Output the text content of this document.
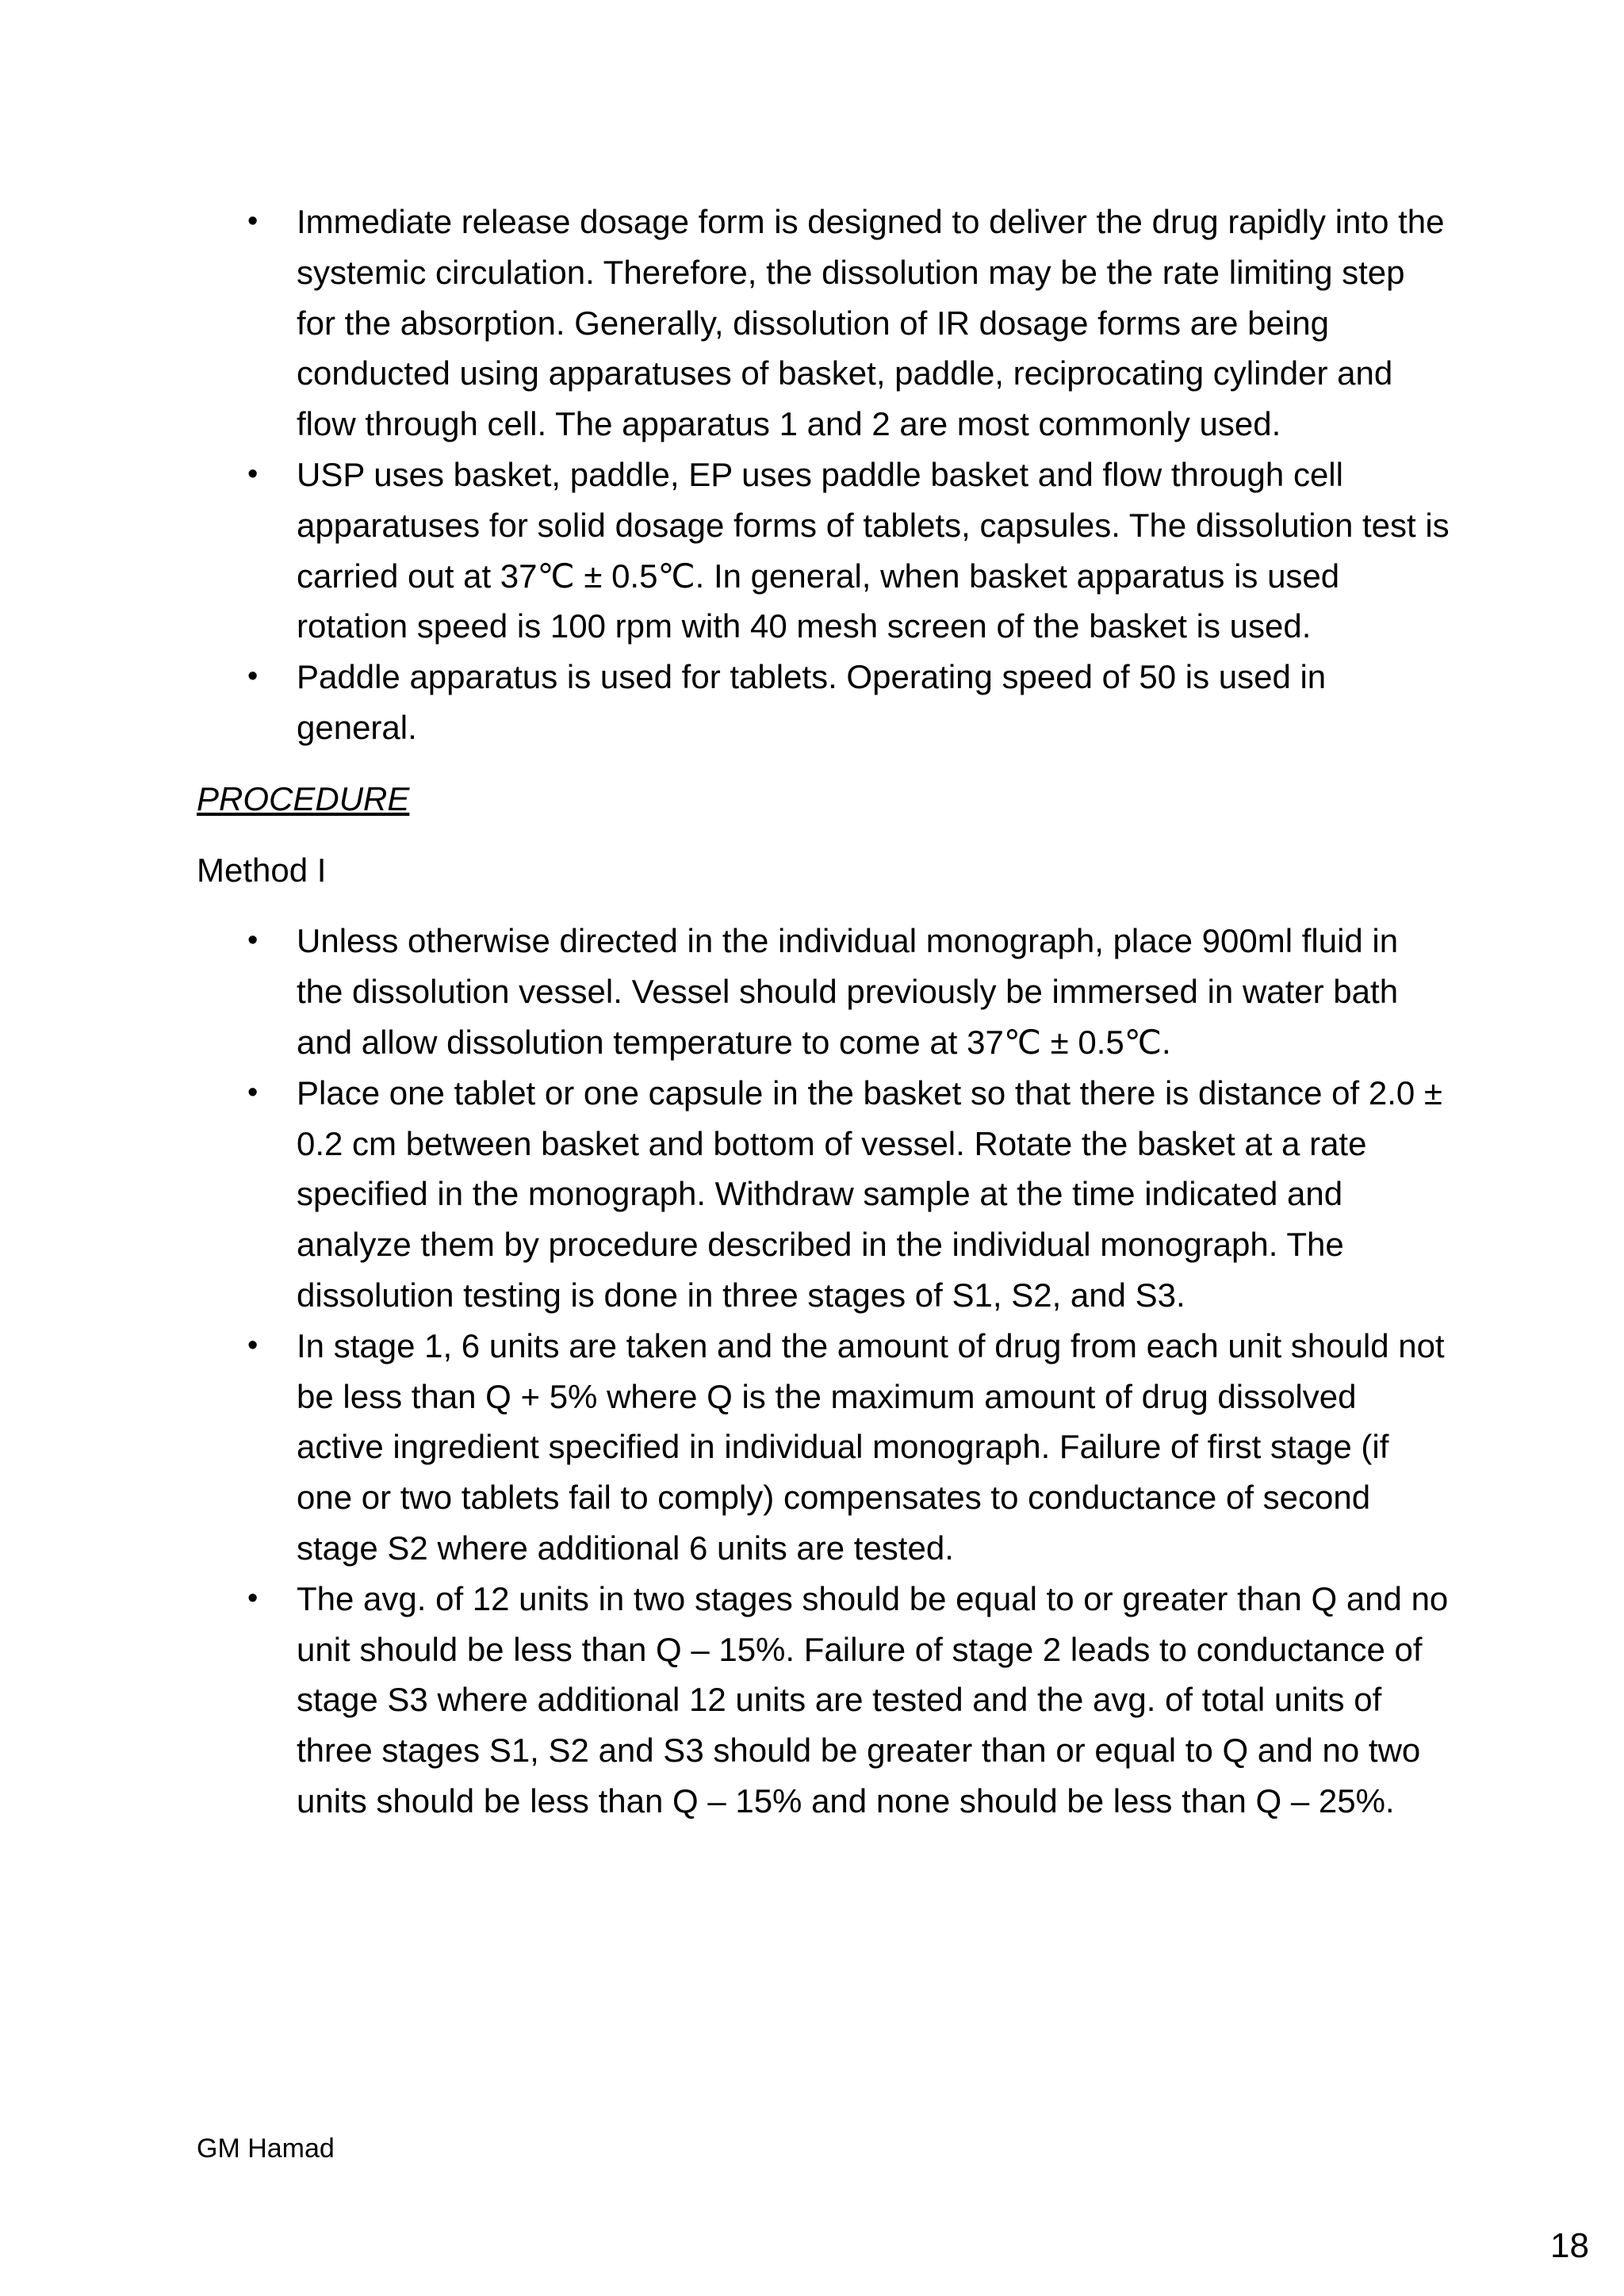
• Immediate release dosage form is designed to deliver the drug rapidly into the systemic circulation. Therefore, the dissolution may be the rate limiting step for the absorption. Generally, dissolution of IR dosage forms are being conducted using apparatuses of basket, paddle, reciprocating cylinder and flow through cell. The apparatus 1 and 2 are most commonly used.
• USP uses basket, paddle, EP uses paddle basket and flow through cell apparatuses for solid dosage forms of tablets, capsules. The dissolution test is carried out at 37℃ ± 0.5℃. In general, when basket apparatus is used rotation speed is 100 rpm with 40 mesh screen of the basket is used.
• Paddle apparatus is used for tablets. Operating speed of 50 is used in general.
PROCEDURE
Method I
• Unless otherwise directed in the individual monograph, place 900ml fluid in the dissolution vessel. Vessel should previously be immersed in water bath and allow dissolution temperature to come at 37℃ ± 0.5℃.
• Place one tablet or one capsule in the basket so that there is distance of 2.0 ± 0.2 cm between basket and bottom of vessel. Rotate the basket at a rate specified in the monograph. Withdraw sample at the time indicated and analyze them by procedure described in the individual monograph. The dissolution testing is done in three stages of S1, S2, and S3.
• In stage 1, 6 units are taken and the amount of drug from each unit should not be less than Q + 5% where Q is the maximum amount of drug dissolved active ingredient specified in individual monograph. Failure of first stage (if one or two tablets fail to comply) compensates to conductance of second stage S2 where additional 6 units are tested.
• The avg. of 12 units in two stages should be equal to or greater than Q and no unit should be less than Q – 15%. Failure of stage 2 leads to conductance of stage S3 where additional 12 units are tested and the avg. of total units of three stages S1, S2 and S3 should be greater than or equal to Q and no two units should be less than Q – 15% and none should be less than Q – 25%.
GM Hamad
18
